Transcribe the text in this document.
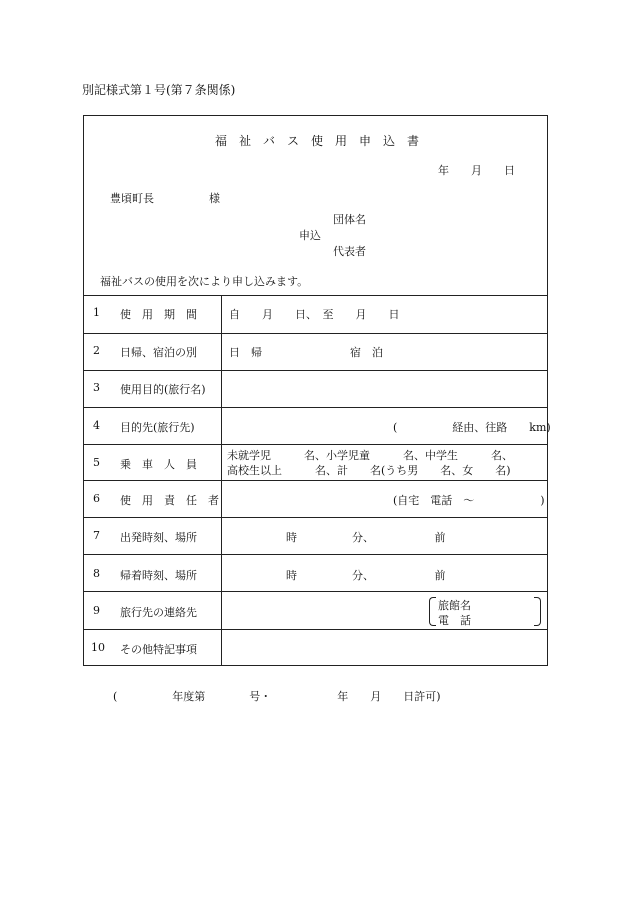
別記様式第１号(第７条関係)
福　祉　バ　ス　使　用　申　込　書
年　　月　　日
豊頃町長　　　　　様
団体名
申込
代表者
福祉バスの使用を次により申し込みます。
1 使　用　期　間	自　　月　　日、　至　　月　　日
2 日帰、宿泊の別	日　帰　　　　　　　　宿　泊
3 使用目的(旅行名)
4 目的先(旅行先)	(　　　　　経由、往路　　km)
5 乗　車　人　員
未就学児　　　名、小学児童　　　名、中学生　　　名、
高校生以上　　　名、計　　名(うち男　　名、女　　名)
6 使　用　責　任　者	(自宅　電話　～　　　　　　)
7 出発時刻、場所	時　　　　　分、　　　　　　前
8 帰着時刻、場所	時　　　　　分、　　　　　　前
9 旅行先の連絡先
旅館名
電　話
10 その他特記事項
(　　　　　年度第　　　　号・　　　　　　年　　月　　日許可)
